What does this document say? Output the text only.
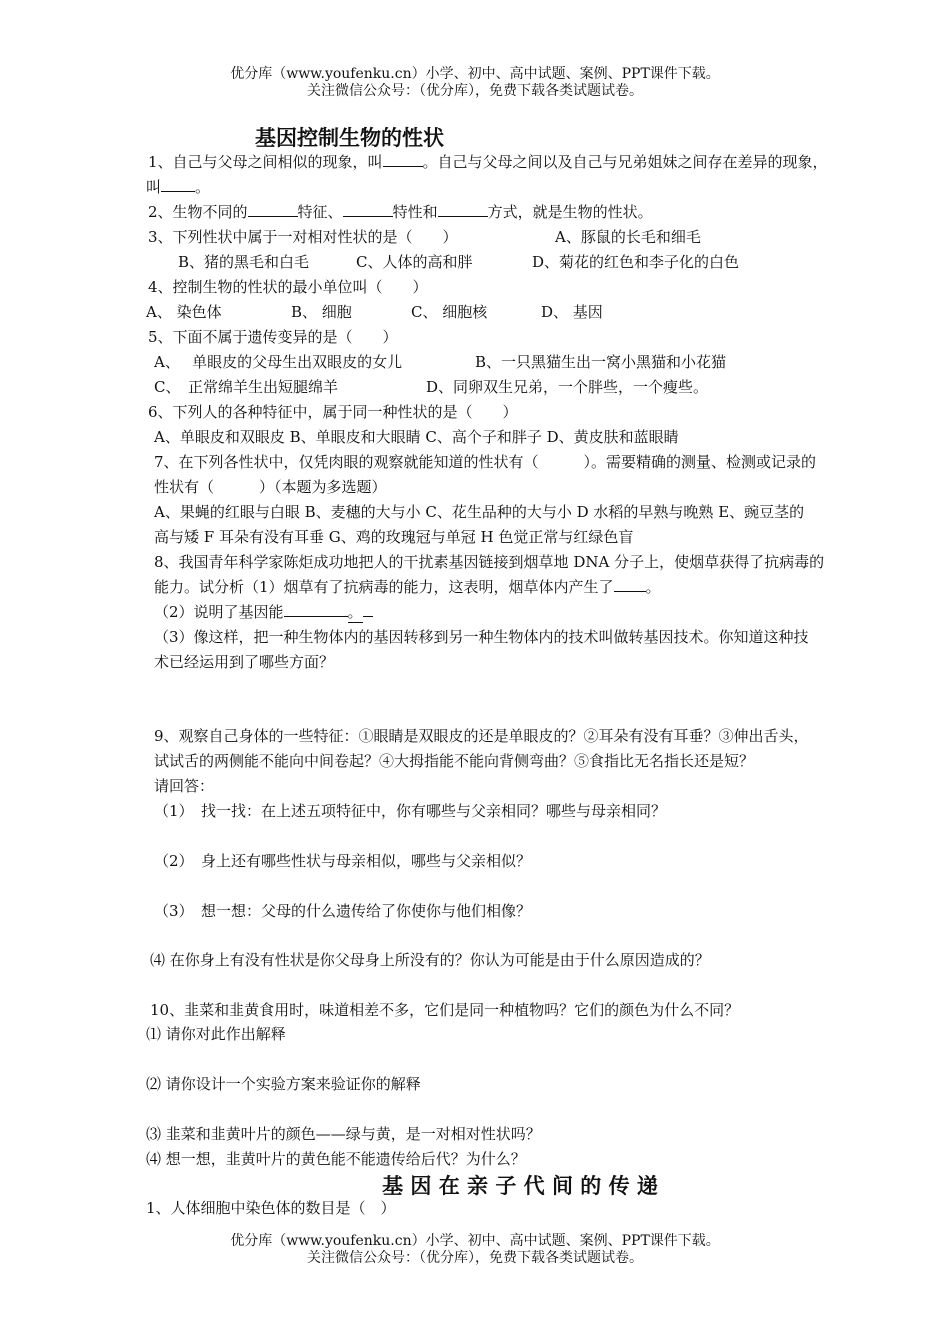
优分库（www.youfenku.cn）小学、初中、高中试题、案例、PPT课件下载。
关注微信公众号：（优分库），免费下载各类试题试卷。
基因控制生物的性状
1、自己与父母之间相似的现象，叫	。自己与父母之间以及自己与兄弟姐妹之间存在差异的现象，
叫 。
2、生物不同的	特征、	特性和	方式，就是生物的性状。
3、下列性状中属于一对相对性状的是（　　）	A、豚鼠的长毛和细毛
B、猪的黑毛和白毛	C、人体的高和胖	D、菊花的红色和李子化的白色
4、控制生物的性状的最小单位叫（　　）
A、 染色体	B、 细胞	C、 细胞核	D、 基因
5、下面不属于遗传变异的是（　　）
A、　 单眼皮的父母生出双眼皮的女儿	B、一只黑猫生出一窝小黑猫和小花猫
C、　正常绵羊生出短腿绵羊	D、同卵双生兄弟，一个胖些，一个瘦些。
6、下列人的各种特征中，属于同一种性状的是（　　）
A、单眼皮和双眼皮 B、单眼皮和大眼睛 C、高个子和胖子 D、黄皮肤和蓝眼睛
7、在下列各性状中，仅凭肉眼的观察就能知道的性状有（　　　）。需要精确的测量、检测或记录的
性状有（　　　）（本题为多选题）
A、果蝇的红眼与白眼 B、麦穗的大与小 C、花生品种的大与小 D 水稻的早熟与晚熟 E、豌豆茎的
高与矮 F 耳朵有没有耳垂 G、鸡的玫瑰冠与单冠 H 色觉正常与红绿色盲
8、我国青年科学家陈炬成功地把人的干扰素基因链接到烟草地 DNA 分子上，使烟草获得了抗病毒的
能力。试分析（1）烟草有了抗病毒的能力，这表明，烟草体内产生了 。
（2）说明了基因能	。
（3）像这样，把一种生物体内的基因转移到另一种生物体内的技术叫做转基因技术。你知道这种技
术已经运用到了哪些方面？
9、观察自己身体的一些特征：①眼睛是双眼皮的还是单眼皮的？②耳朵有没有耳垂？③伸出舌头，
试试舌的两侧能不能向中间卷起？④大拇指能不能向背侧弯曲？⑤食指比无名指长还是短？
请回答：
（1）　找一找：在上述五项特征中，你有哪些与父亲相同？哪些与母亲相同？
（2）　身上还有哪些性状与母亲相似，哪些与父亲相似？
（3）　想一想：父母的什么遗传给了你使你与他们相像？
⑷ 在你身上有没有性状是你父母身上所没有的？你认为可能是由于什么原因造成的？
10、韭菜和韭黄食用时，味道相差不多，它们是同一种植物吗？它们的颜色为什么不同？
⑴ 请你对此作出解释
⑵ 请你设计一个实验方案来验证你的解释
⑶ 韭菜和韭黄叶片的颜色——绿与黄，是一对相对性状吗？
⑷ 想一想，韭黄叶片的黄色能不能遗传给后代？为什么？
基 因 在 亲 子 代 间 的 传 递
1、人体细胞中染色体的数目是（　）
优分库（www.youfenku.cn）小学、初中、高中试题、案例、PPT课件下载。
关注微信公众号：（优分库），免费下载各类试题试卷。
